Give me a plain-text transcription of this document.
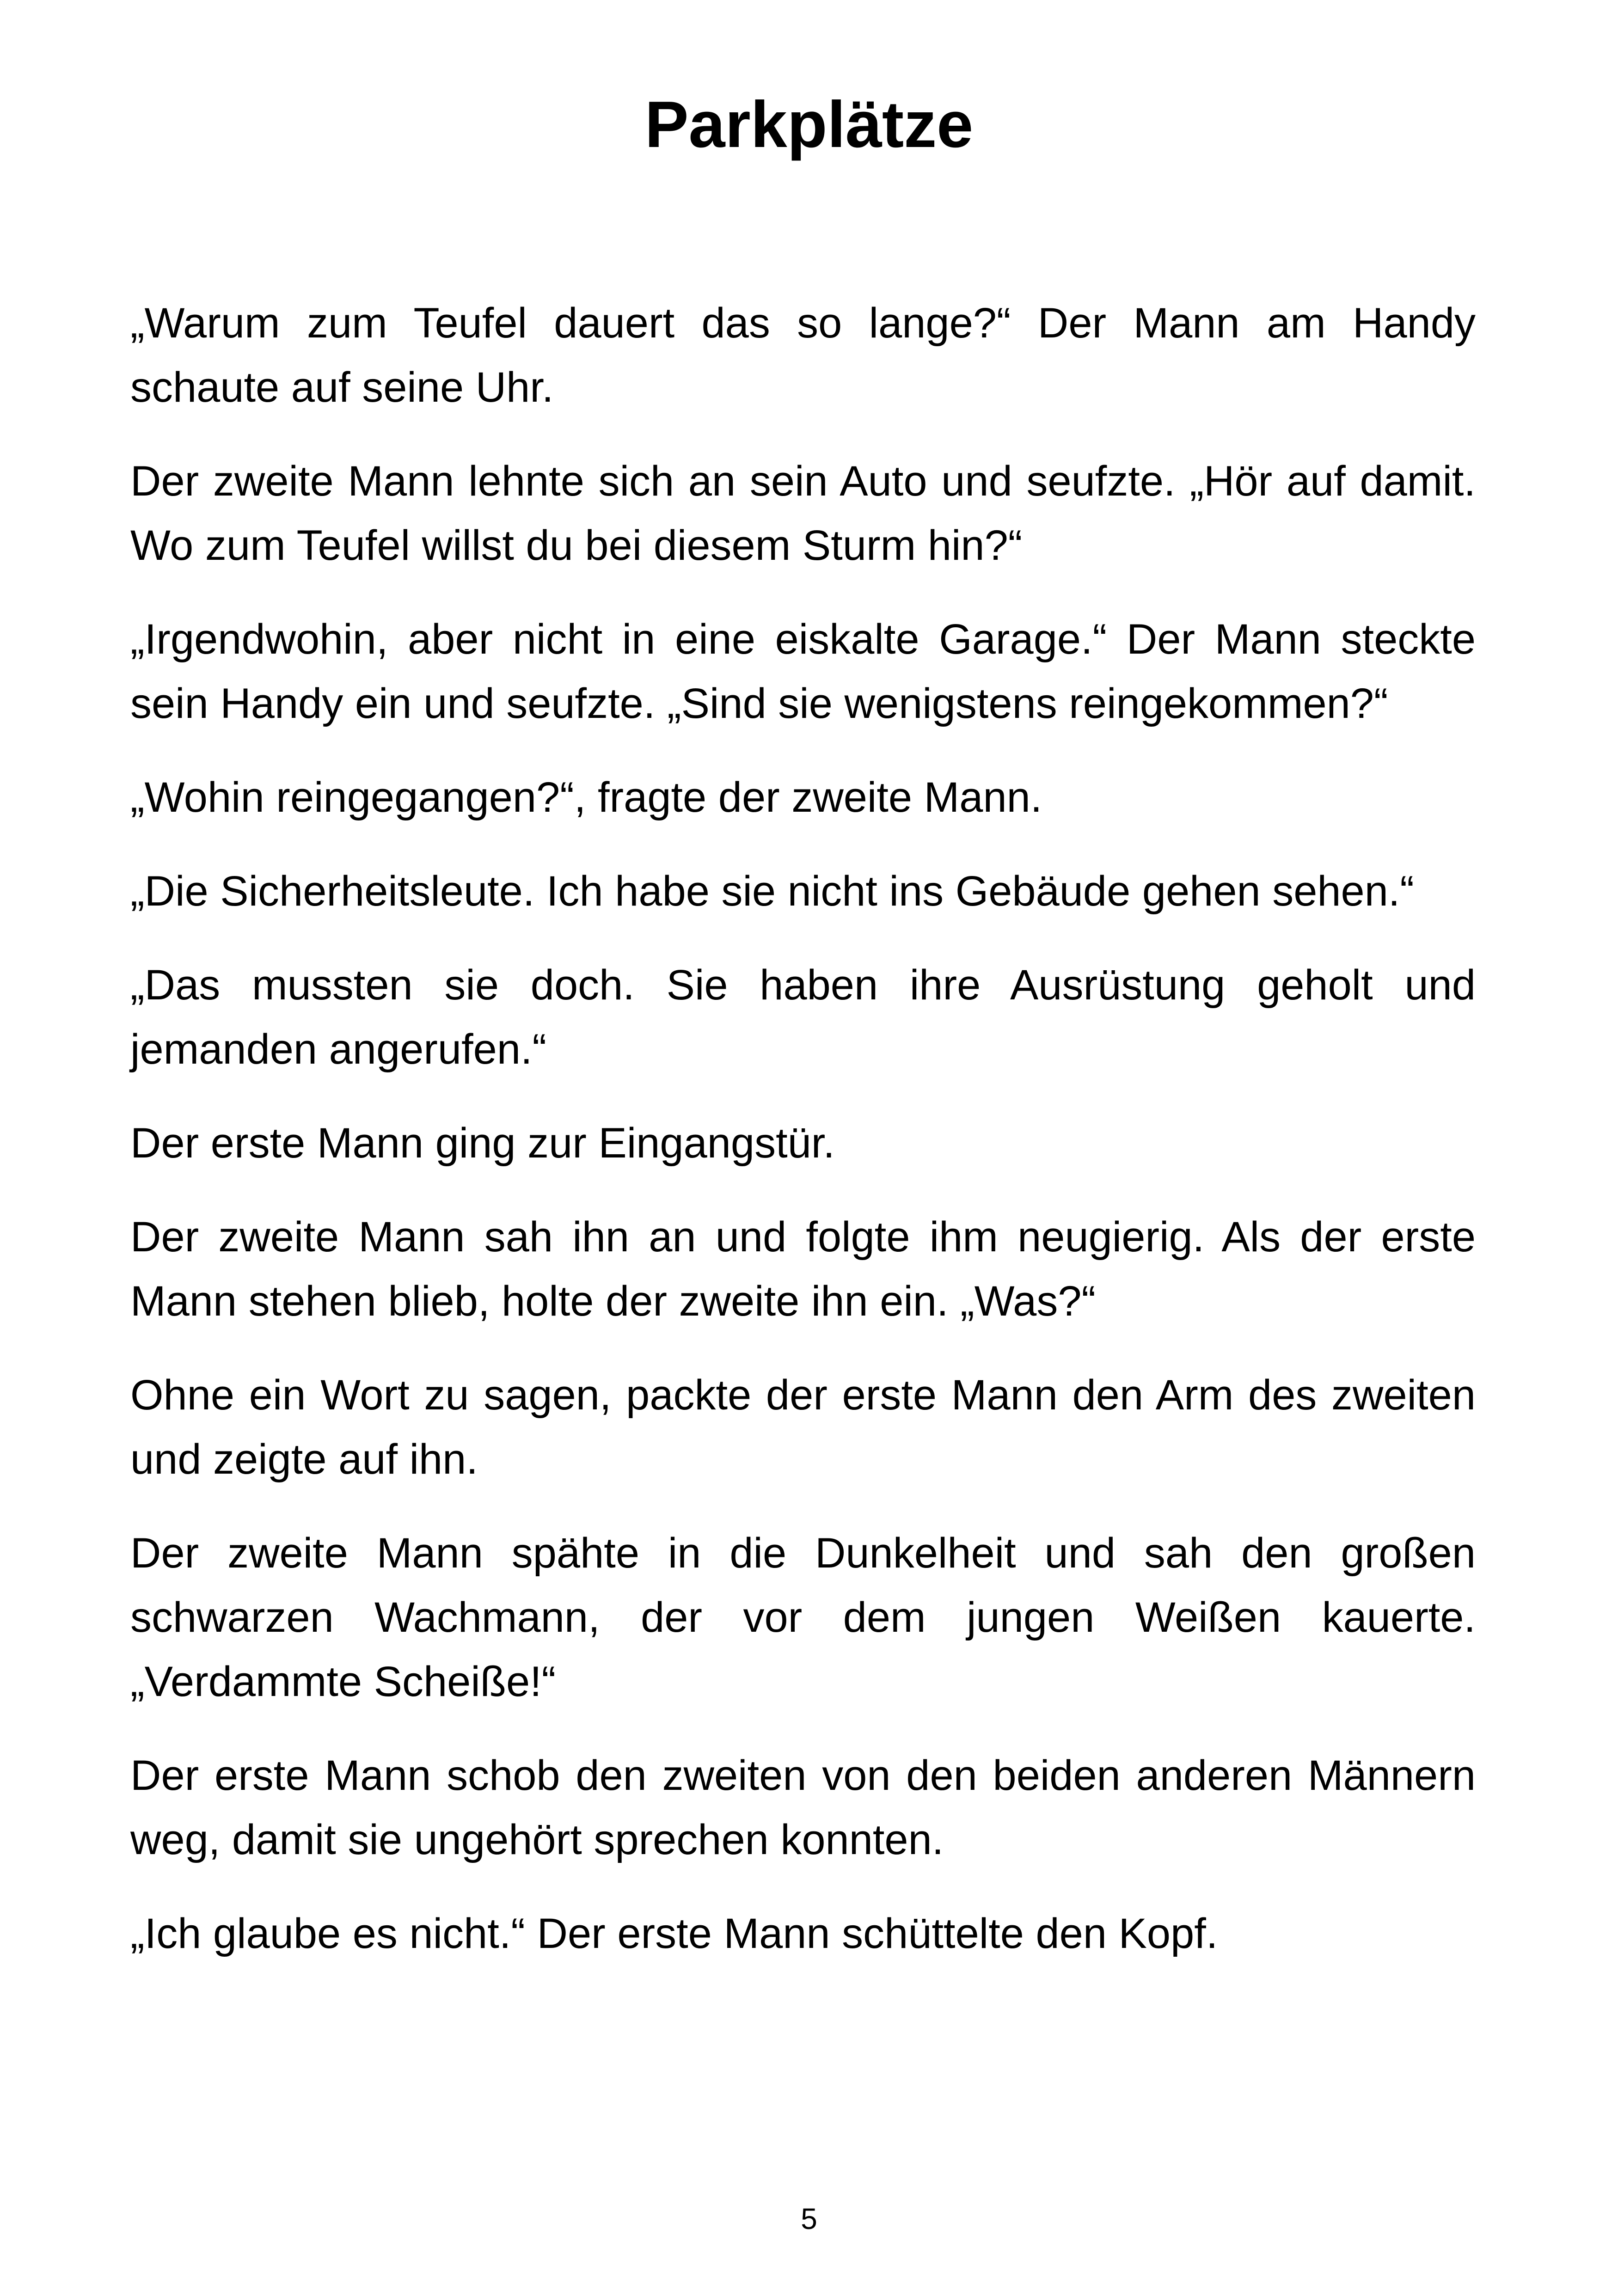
Parkplätze

„Warum zum Teufel dauert das so lange?“ Der Mann am Handy schaute auf seine Uhr.

Der zweite Mann lehnte sich an sein Auto und seufzte. „Hör auf damit. Wo zum Teufel willst du bei diesem Sturm hin?“

„Irgendwohin, aber nicht in eine eiskalte Garage.“ Der Mann steckte sein Handy ein und seufzte. „Sind sie wenigstens reingekommen?“

„Wohin reingegangen?“, fragte der zweite Mann.

„Die Sicherheitsleute. Ich habe sie nicht ins Gebäude gehen sehen.“

„Das mussten sie doch. Sie haben ihre Ausrüstung geholt und jemanden angerufen.“

Der erste Mann ging zur Eingangstür.

Der zweite Mann sah ihn an und folgte ihm neugierig. Als der erste Mann stehen blieb, holte der zweite ihn ein. „Was?“

Ohne ein Wort zu sagen, packte der erste Mann den Arm des zweiten und zeigte auf ihn.

Der zweite Mann spähte in die Dunkelheit und sah den großen schwarzen Wachmann, der vor dem jungen Weißen kauerte. „Verdammte Scheiße!“

Der erste Mann schob den zweiten von den beiden anderen Männern weg, damit sie ungehört sprechen konnten.

„Ich glaube es nicht.“ Der erste Mann schüttelte den Kopf.

5
